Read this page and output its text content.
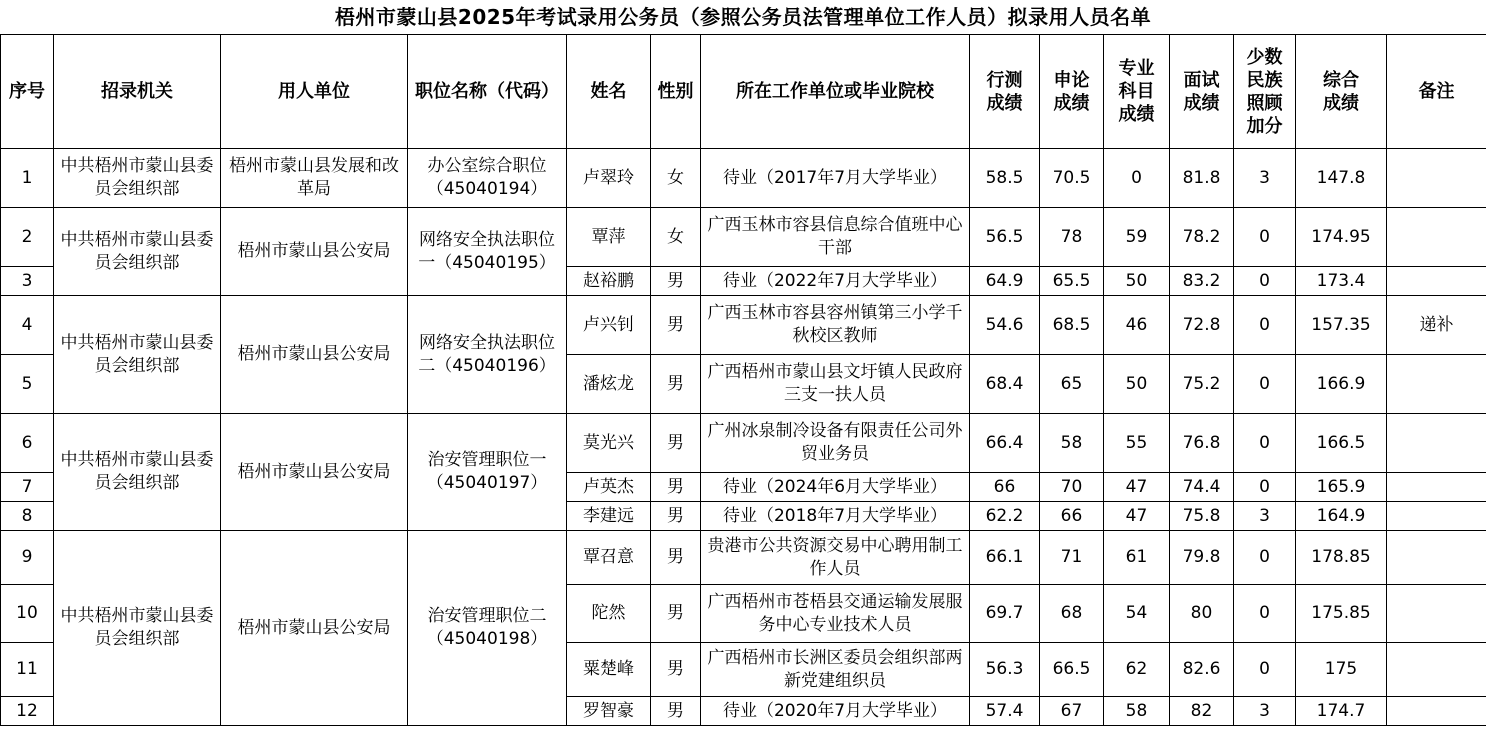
梧州市蒙山县2025年考试录用公务员（参照公务员法管理单位工作人员）拟录用人员名单
序号	招录机关	用人单位	职位名称（代码）	姓名	性别	所在工作单位或毕业院校	行测成绩	申论成绩	专业科目成绩	面试成绩	少数民族照顾加分	综合成绩	备注
1	中共梧州市蒙山县委员会组织部	梧州市蒙山县发展和改革局	办公室综合职位（45040194）	卢翠玲	女	待业（2017年7月大学毕业）	58.5	70.5	0	81.8	3	147.8	
2	中共梧州市蒙山县委员会组织部	梧州市蒙山县公安局	网络安全执法职位一（45040195）	覃萍	女	广西玉林市容县信息综合值班中心干部	56.5	78	59	78.2	0	174.95	
3				赵裕鹏	男	待业（2022年7月大学毕业）	64.9	65.5	50	83.2	0	173.4	
4	中共梧州市蒙山县委员会组织部	梧州市蒙山县公安局	网络安全执法职位二（45040196）	卢兴钊	男	广西玉林市容县容州镇第三小学千秋校区教师	54.6	68.5	46	72.8	0	157.35	递补
5				潘炫龙	男	广西梧州市蒙山县文圩镇人民政府三支一扶人员	68.4	65	50	75.2	0	166.9	
6	中共梧州市蒙山县委员会组织部	梧州市蒙山县公安局	治安管理职位一（45040197）	莫光兴	男	广州冰泉制冷设备有限责任公司外贸业务员	66.4	58	55	76.8	0	166.5	
7				卢英杰	男	待业（2024年6月大学毕业）	66	70	47	74.4	0	165.9	
8				李建远	男	待业（2018年7月大学毕业）	62.2	66	47	75.8	3	164.9	
9	中共梧州市蒙山县委员会组织部	梧州市蒙山县公安局	治安管理职位二（45040198）	覃召意	男	贵港市公共资源交易中心聘用制工作人员	66.1	71	61	79.8	0	178.85	
10				陀然	男	广西梧州市苍梧县交通运输发展服务中心专业技术人员	69.7	68	54	80	0	175.85	
11				粟楚峰	男	广西梧州市长洲区委员会组织部两新党建组织员	56.3	66.5	62	82.6	0	175	
12				罗智豪	男	待业（2020年7月大学毕业）	57.4	67	58	82	3	174.7	
